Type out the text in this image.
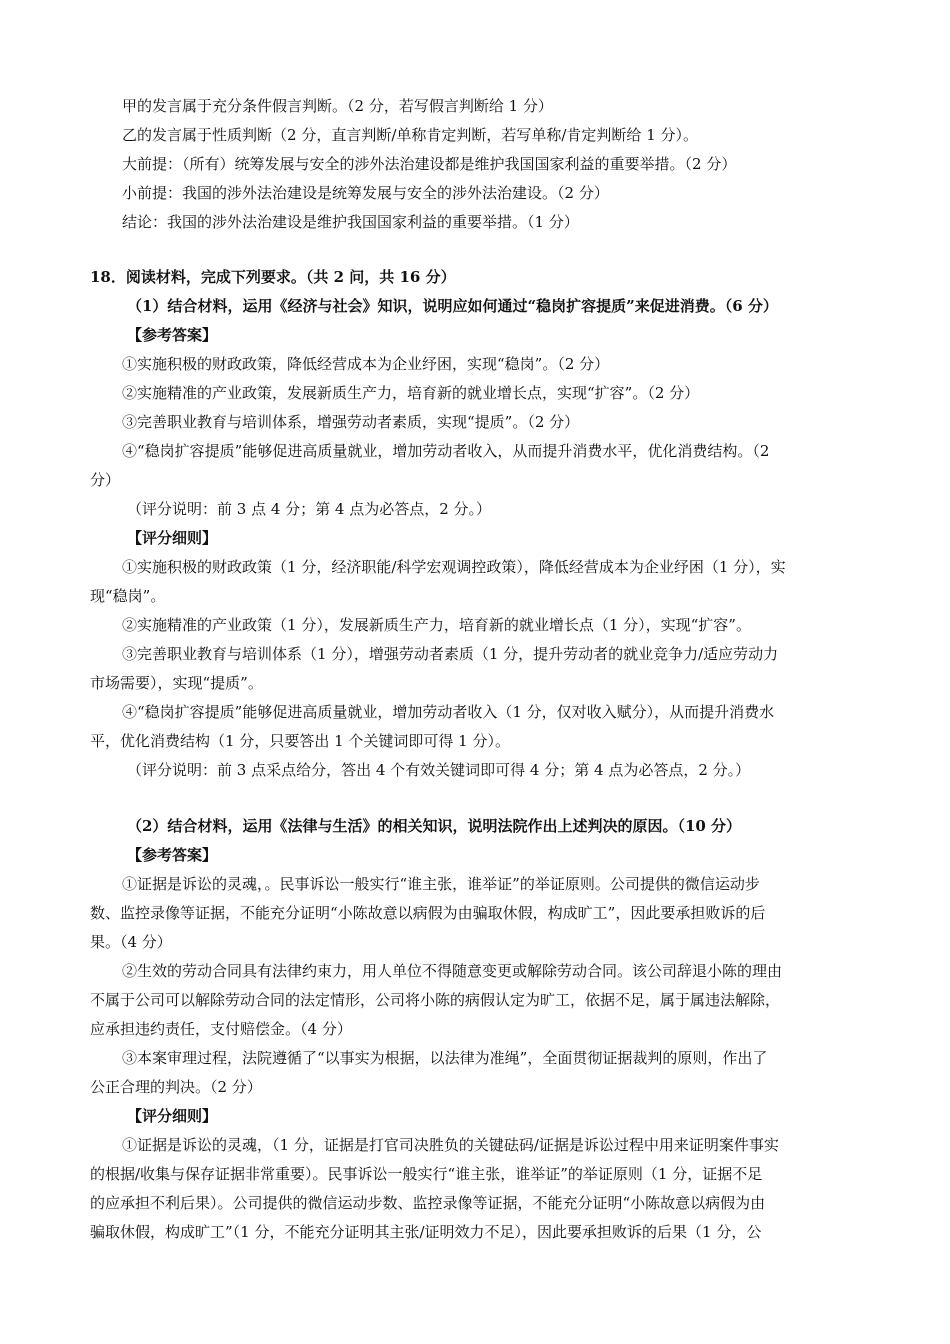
甲的发言属于充分条件假言判断。（2 分，若写假言判断给 1 分）
乙的发言属于性质判断（2 分，直言判断/单称肯定判断，若写单称/肯定判断给 1 分）。
大前提：（所有）统筹发展与安全的涉外法治建设都是维护我国国家利益的重要举措。（2 分）
小前提：我国的涉外法治建设是统筹发展与安全的涉外法治建设。（2 分）
结论：我国的涉外法治建设是维护我国国家利益的重要举措。（1 分）
18．阅读材料，完成下列要求。（共 2 问，共 16 分）
（1）结合材料，运用《经济与社会》知识，说明应如何通过“稳岗扩容提质”来促进消费。（6 分）
【参考答案】
①实施积极的财政政策，降低经营成本为企业纾困，实现“稳岗”。（2 分）
②实施精准的产业政策，发展新质生产力，培育新的就业增长点，实现“扩容”。（2 分）
③完善职业教育与培训体系，增强劳动者素质，实现“提质”。（2 分）
④“稳岗扩容提质”能够促进高质量就业，增加劳动者收入，从而提升消费水平，优化消费结构。（2
分）
（评分说明：前 3 点 4 分；第 4 点为必答点，2 分。）
【评分细则】
①实施积极的财政政策（1 分，经济职能/科学宏观调控政策），降低经营成本为企业纾困（1 分），实
现“稳岗”。
②实施精准的产业政策（1 分），发展新质生产力，培育新的就业增长点（1 分），实现“扩容”。
③完善职业教育与培训体系（1 分），增强劳动者素质（1 分，提升劳动者的就业竞争力/适应劳动力
市场需要），实现“提质”。
④“稳岗扩容提质”能够促进高质量就业，增加劳动者收入（1 分，仅对收入赋分），从而提升消费水
平，优化消费结构（1 分，只要答出 1 个关键词即可得 1 分）。
（评分说明：前 3 点采点给分，答出 4 个有效关键词即可得 4 分；第 4 点为必答点，2 分。）
（2）结合材料，运用《法律与生活》的相关知识，说明法院作出上述判决的原因。（10 分）
【参考答案】
①证据是诉讼的灵魂，。民事诉讼一般实行“谁主张，谁举证”的举证原则。公司提供的微信运动步
数、监控录像等证据，不能充分证明“小陈故意以病假为由骗取休假，构成旷工”，因此要承担败诉的后
果。（4 分）
②生效的劳动合同具有法律约束力，用人单位不得随意变更或解除劳动合同。该公司辞退小陈的理由
不属于公司可以解除劳动合同的法定情形，公司将小陈的病假认定为旷工，依据不足，属于属违法解除，
应承担违约责任，支付赔偿金。（4 分）
③本案审理过程，法院遵循了“以事实为根据，以法律为准绳”，全面贯彻证据裁判的原则，作出了
公正合理的判决。（2 分）
【评分细则】
①证据是诉讼的灵魂，（1 分，证据是打官司决胜负的关键砝码/证据是诉讼过程中用来证明案件事实
的根据/收集与保存证据非常重要）。民事诉讼一般实行“谁主张，谁举证”的举证原则（1 分，证据不足
的应承担不利后果）。公司提供的微信运动步数、监控录像等证据，不能充分证明“小陈故意以病假为由
骗取休假，构成旷工”（1 分，不能充分证明其主张/证明效力不足），因此要承担败诉的后果（1 分，公
